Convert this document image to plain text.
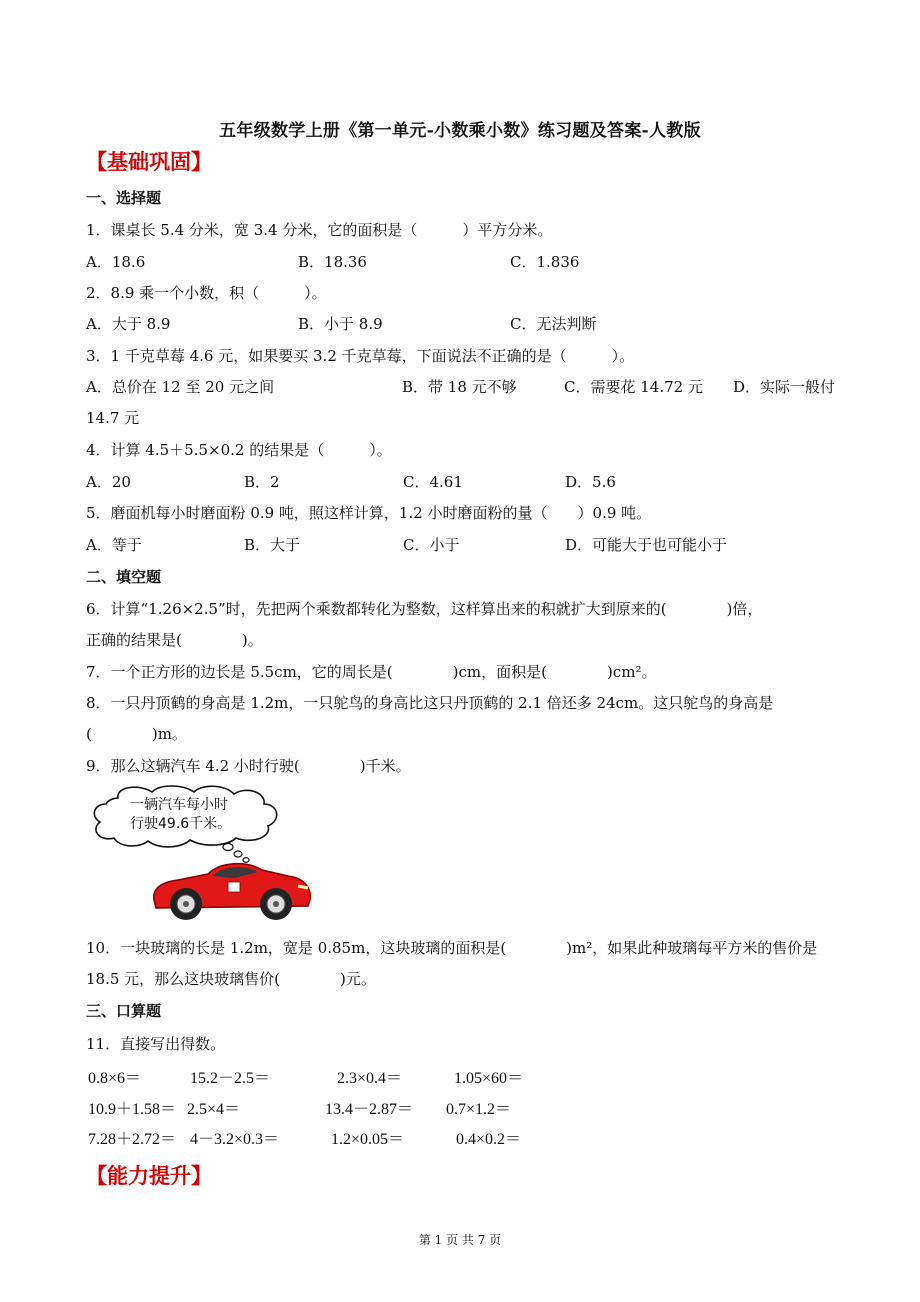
五年级数学上册《第一单元-小数乘小数》练习题及答案-人教版
【基础巩固】
一、选择题
1．课桌长 5.4 分米，宽 3.4 分米，它的面积是（　　　）平方分米。
A．18.6	B．18.36	C．1.836
2．8.9 乘一个小数，积（　　　）。
A．大于 8.9	B．小于 8.9	C．无法判断
3．1 千克草莓 4.6 元，如果要买 3.2 千克草莓，下面说法不正确的是（　　　）。
A．总价在 12 至 20 元之间	B．带 18 元不够	C．需要花 14.72 元 D．实际一般付
14.7 元
4．计算 4.5＋5.5×0.2 的结果是（　　　）。
A．20	B．2	C．4.61	D．5.6
5．磨面机每小时磨面粉 0.9 吨，照这样计算，1.2 小时磨面粉的量（　　）0.9 吨。
A．等于	B．大于	C．小于	D．可能大于也可能小于
二、填空题
6．计算“1.26×2.5”时，先把两个乘数都转化为整数，这样算出来的积就扩大到原来的(　　　　)倍，
正确的结果是(　　　　)。
7．一个正方形的边长是 5.5cm，它的周长是(　　　　)cm，面积是(　　　　)cm²。
8．一只丹顶鹤的身高是 1.2m，一只鸵鸟的身高比这只丹顶鹤的 2.1 倍还多 24cm。这只鸵鸟的身高是
(　　　　)m。
9．那么这辆汽车 4.2 小时行驶(　　　　)千米。
一辆汽车每小时
行驶49.6千米。
10．一块玻璃的长是 1.2m，宽是 0.85m，这块玻璃的面积是(　　　　)m²，如果此种玻璃每平方米的售价是
18.5 元，那么这块玻璃售价(　　　　)元。
三、口算题
11．直接写出得数。
0.8×6＝	15.2－2.5＝	2.3×0.4＝	1.05×60＝
10.9＋1.58＝ 2.5×4＝	13.4－2.87＝ 0.7×1.2＝
7.28＋2.72＝ 4－3.2×0.3＝	1.2×0.05＝	0.4×0.2＝
【能力提升】
第 1 页 共 7 页
